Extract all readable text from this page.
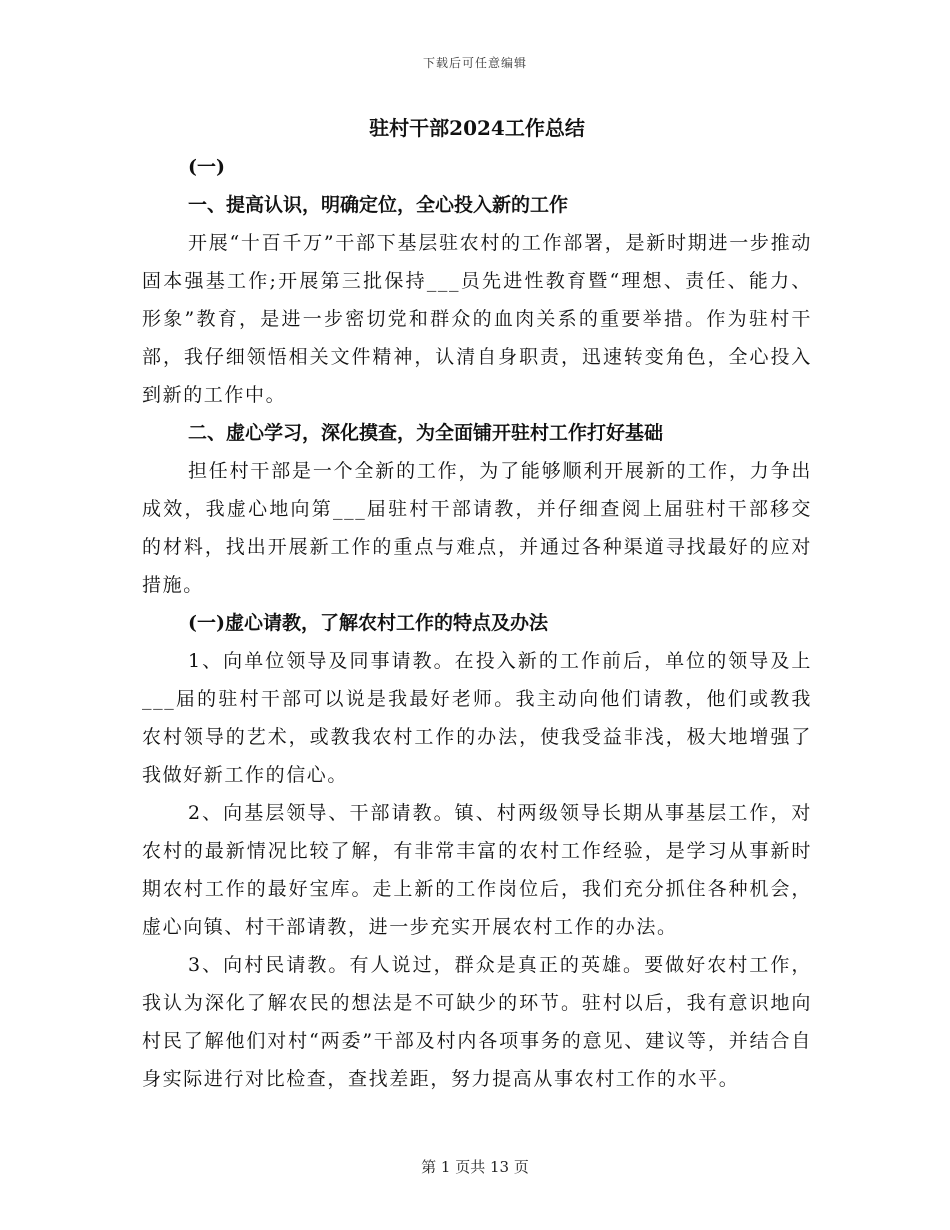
下载后可任意编辑
驻村干部2024工作总结
(一)
一、提高认识，明确定位，全心投入新的工作

开展“十百千万”干部下基层驻农村的工作部署，是新时期进一步推动固本强基工作;开展第三批保持___员先进性教育暨“理想、责任、能力、形象”教育，是进一步密切党和群众的血肉关系的重要举措。作为驻村干部，我仔细领悟相关文件精神，认清自身职责，迅速转变角色，全心投入到新的工作中。

二、虚心学习，深化摸查，为全面铺开驻村工作打好基础

担任村干部是一个全新的工作，为了能够顺利开展新的工作，力争出成效，我虚心地向第___届驻村干部请教，并仔细查阅上届驻村干部移交的材料，找出开展新工作的重点与难点，并通过各种渠道寻找最好的应对措施。

(一)虚心请教，了解农村工作的特点及办法

1、向单位领导及同事请教。在投入新的工作前后，单位的领导及上___届的驻村干部可以说是我最好老师。我主动向他们请教，他们或教我农村领导的艺术，或教我农村工作的办法，使我受益非浅，极大地增强了我做好新工作的信心。

2、向基层领导、干部请教。镇、村两级领导长期从事基层工作，对农村的最新情况比较了解，有非常丰富的农村工作经验，是学习从事新时期农村工作的最好宝库。走上新的工作岗位后，我们充分抓住各种机会，虚心向镇、村干部请教，进一步充实开展农村工作的办法。

3、向村民请教。有人说过，群众是真正的英雄。要做好农村工作，我认为深化了解农民的想法是不可缺少的环节。驻村以后，我有意识地向村民了解他们对村“两委”干部及村内各项事务的意见、建议等，并结合自身实际进行对比检查，查找差距，努力提高从事农村工作的水平。

第 1 页共 13 页
